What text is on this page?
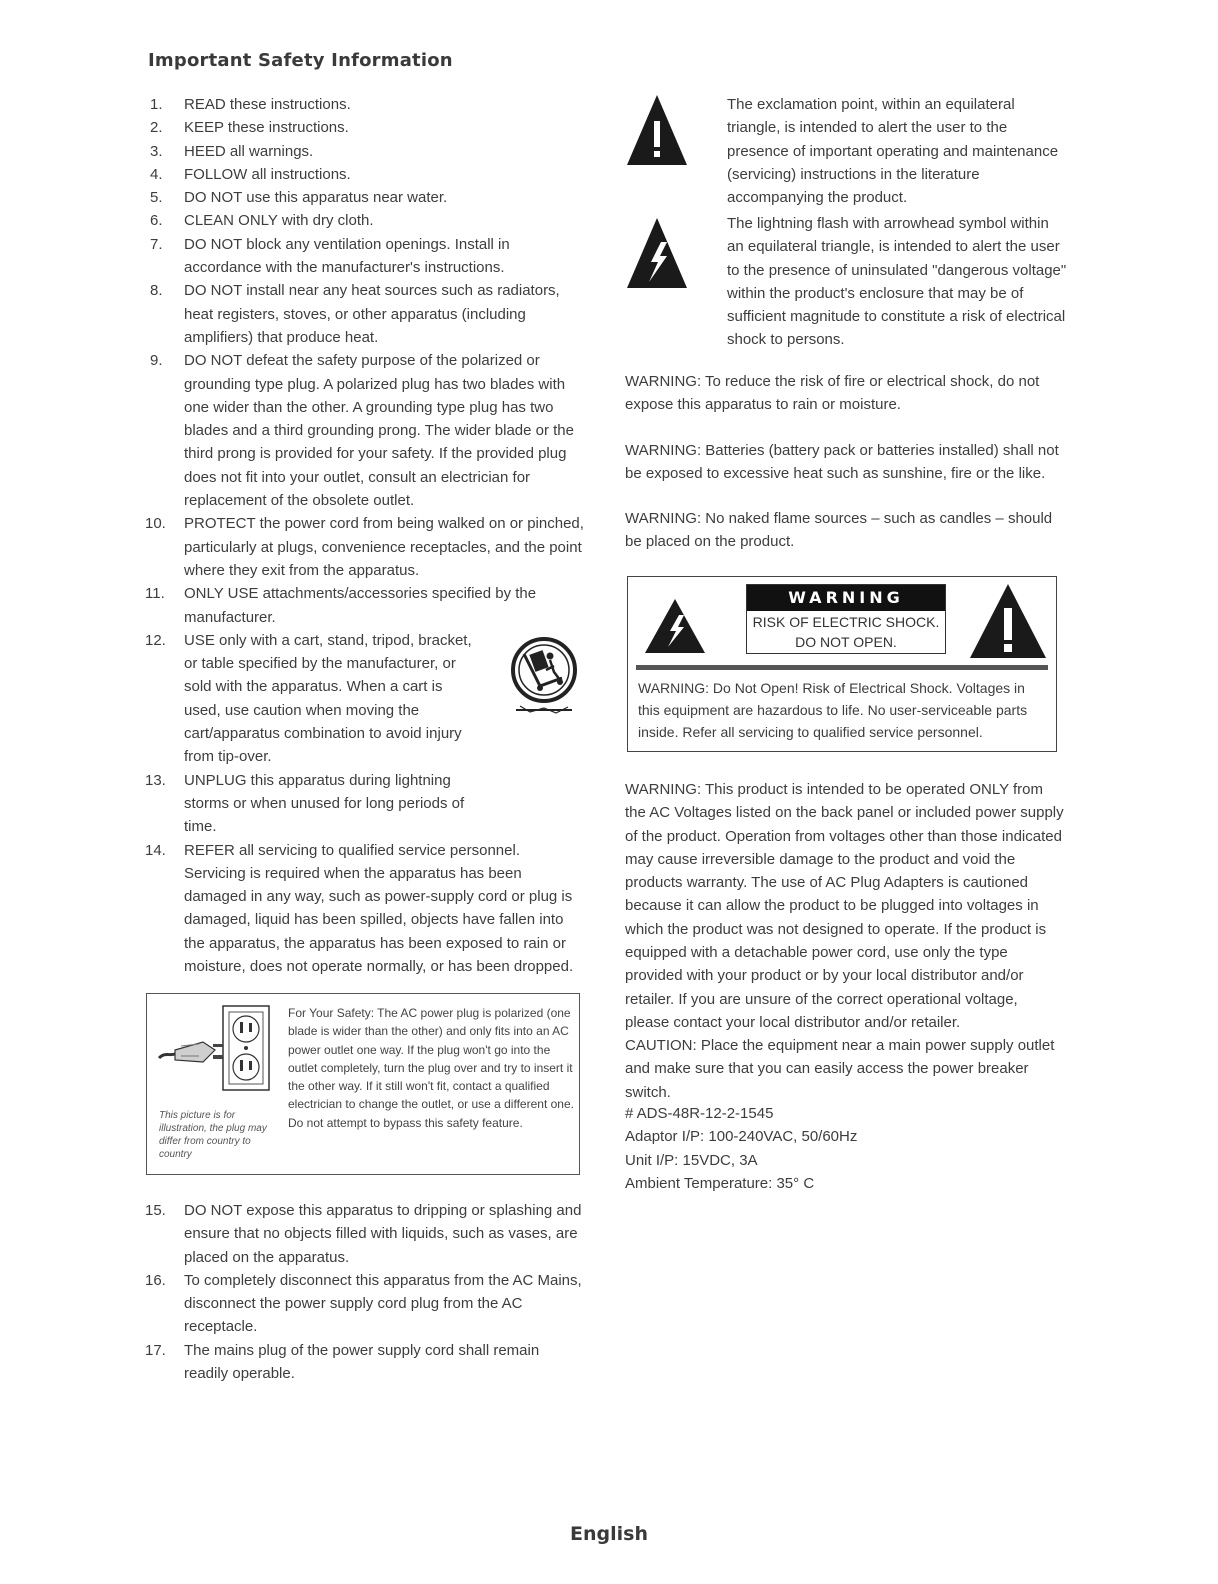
Important Safety Information
1. READ these instructions.
2. KEEP these instructions.
3. HEED all warnings.
4. FOLLOW all instructions.
5. DO NOT use this apparatus near water.
6. CLEAN ONLY with dry cloth.
7. DO NOT block any ventilation openings. Install in accordance with the manufacturer's instructions.
8. DO NOT install near any heat sources such as radiators, heat registers, stoves, or other apparatus (including amplifiers) that produce heat.
9. DO NOT defeat the safety purpose of the polarized or grounding type plug. A polarized plug has two blades with one wider than the other. A grounding type plug has two blades and a third grounding prong. The wider blade or the third prong is provided for your safety. If the provided plug does not fit into your outlet, consult an electrician for replacement of the obsolete outlet.
10. PROTECT the power cord from being walked on or pinched, particularly at plugs, convenience receptacles, and the point where they exit from the apparatus.
11. ONLY USE attachments/accessories specified by the manufacturer.
12. USE only with a cart, stand, tripod, bracket, or table specified by the manufacturer, or sold with the apparatus. When a cart is used, use caution when moving the cart/apparatus combination to avoid injury from tip-over.
13. UNPLUG this apparatus during lightning storms or when unused for long periods of time.
14. REFER all servicing to qualified service personnel. Servicing is required when the apparatus has been damaged in any way, such as power-supply cord or plug is damaged, liquid has been spilled, objects have fallen into the apparatus, the apparatus has been exposed to rain or moisture, does not operate normally, or has been dropped.
This picture is for illustration, the plug may differ from country to country
For Your Safety: The AC power plug is polarized (one blade is wider than the other) and only fits into an AC power outlet one way. If the plug won't go into the outlet completely, turn the plug over and try to insert it the other way. If it still won't fit, contact a qualified electrician to change the outlet, or use a different one. Do not attempt to bypass this safety feature.
15. DO NOT expose this apparatus to dripping or splashing and ensure that no objects filled with liquids, such as vases, are placed on the apparatus.
16. To completely disconnect this apparatus from the AC Mains, disconnect the power supply cord plug from the AC receptacle.
17. The mains plug of the power supply cord shall remain readily operable.
The exclamation point, within an equilateral triangle, is intended to alert the user to the presence of important operating and maintenance (servicing) instructions in the literature accompanying the product.
The lightning flash with arrowhead symbol within an equilateral triangle, is intended to alert the user to the presence of uninsulated "dangerous voltage" within the product's enclosure that may be of sufficient magnitude to constitute a risk of electrical shock to persons.
WARNING: To reduce the risk of fire or electrical shock, do not expose this apparatus to rain or moisture.
WARNING: Batteries (battery pack or batteries installed) shall not be exposed to excessive heat such as sunshine, fire or the like.
WARNING: No naked flame sources – such as candles – should be placed on the product.
WARNING
RISK OF ELECTRIC SHOCK.
DO NOT OPEN.
WARNING: Do Not Open! Risk of Electrical Shock. Voltages in this equipment are hazardous to life. No user-serviceable parts inside. Refer all servicing to qualified service personnel.
WARNING: This product is intended to be operated ONLY from the AC Voltages listed on the back panel or included power supply of the product. Operation from voltages other than those indicated may cause irreversible damage to the product and void the products warranty. The use of AC Plug Adapters is cautioned because it can allow the product to be plugged into voltages in which the product was not designed to operate. If the product is equipped with a detachable power cord, use only the type provided with your product or by your local distributor and/or retailer. If you are unsure of the correct operational voltage, please contact your local distributor and/or retailer.
CAUTION: Place the equipment near a main power supply outlet and make sure that you can easily access the power breaker switch.
# ADS-48R-12-2-1545
Adaptor I/P: 100-240VAC, 50/60Hz
Unit I/P: 15VDC, 3A
Ambient Temperature: 35° C
English
